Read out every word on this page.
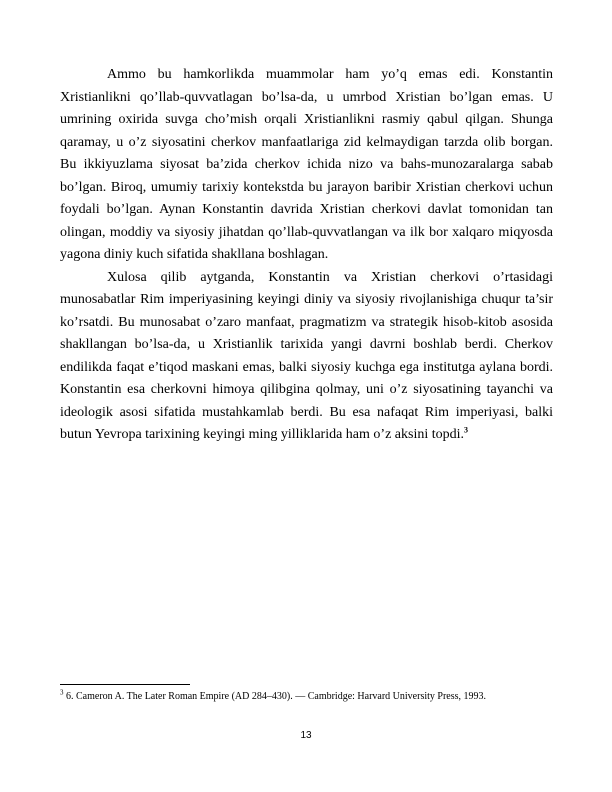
Ammo bu hamkorlikda muammolar ham yo’q emas edi. Konstantin Xristianlikni qo’llab-quvvatlagan bo’lsa-da, u umrbod Xristian bo’lgan emas. U umrining oxirida suvga cho’mish orqali Xristianlikni rasmiy qabul qilgan. Shunga qaramay, u o’z siyosatini cherkov manfaatlariga zid kelmaydigan tarzda olib borgan. Bu ikkiyuzlama siyosat ba’zida cherkov ichida nizo va bahs-munozaralarga sabab bo’lgan. Biroq, umumiy tarixiy kontekstda bu jarayon baribir Xristian cherkovi uchun foydali bo’lgan. Aynan Konstantin davrida Xristian cherkovi davlat tomonidan tan olingan, moddiy va siyosiy jihatdan qo’llab-quvvatlangan va ilk bor xalqaro miqyosda yagona diniy kuch sifatida shakllana boshlagan.

Xulosa qilib aytganda, Konstantin va Xristian cherkovi o’rtasidagi munosabatlar Rim imperiyasining keyingi diniy va siyosiy rivojlanishiga chuqur ta’sir ko’rsatdi. Bu munosabat o’zaro manfaat, pragmatizm va strategik hisob-kitob asosida shakllangan bo’lsa-da, u Xristianlik tarixida yangi davrni boshlab berdi. Cherkov endilikda faqat e’tiqod maskani emas, balki siyosiy kuchga ega institutga aylana bordi. Konstantin esa cherkovni himoya qilibgina qolmay, uni o’z siyosatining tayanchi va ideologik asosi sifatida mustahkamlab berdi. Bu esa nafaqat Rim imperiyasi, balki butun Yevropa tarixining keyingi ming yilliklarida ham o’z aksini topdi.$^3$

$^3$ 6. Cameron A. The Later Roman Empire (AD 284–430). — Cambridge: Harvard University Press, 1993.

13
